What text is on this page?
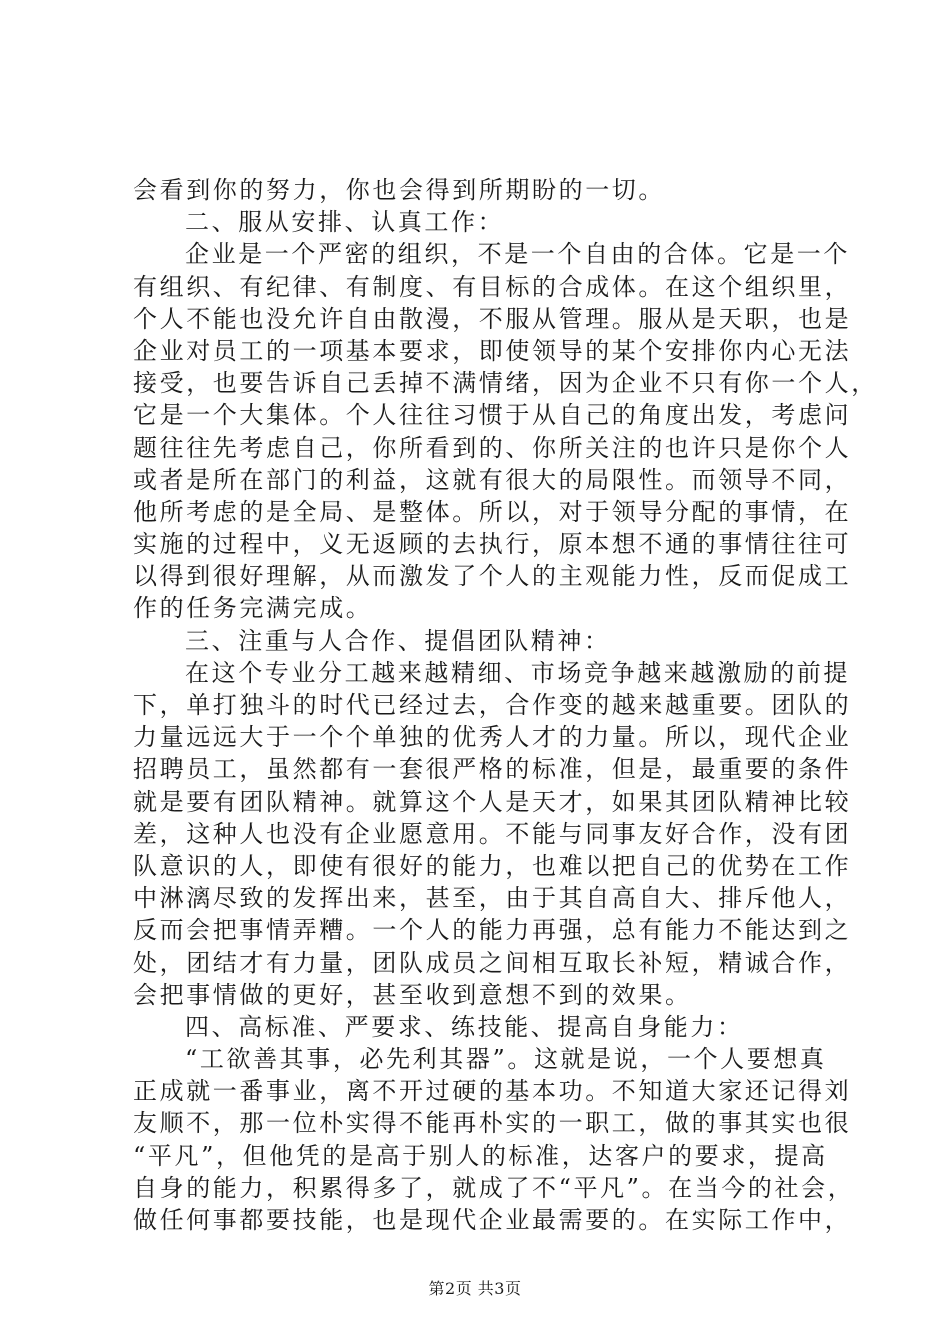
会看到你的努力，你也会得到所期盼的一切。
二、服从安排、认真工作：
企业是一个严密的组织，不是一个自由的合体。它是一个
有组织、有纪律、有制度、有目标的合成体。在这个组织里，
个人不能也没允许自由散漫，不服从管理。服从是天职，也是
企业对员工的一项基本要求，即使领导的某个安排你内心无法
接受，也要告诉自己丢掉不满情绪，因为企业不只有你一个人，
它是一个大集体。个人往往习惯于从自己的角度出发，考虑问
题往往先考虑自己，你所看到的、你所关注的也许只是你个人
或者是所在部门的利益，这就有很大的局限性。而领导不同，
他所考虑的是全局、是整体。所以，对于领导分配的事情，在
实施的过程中，义无返顾的去执行，原本想不通的事情往往可
以得到很好理解，从而激发了个人的主观能力性，反而促成工
作的任务完满完成。
三、注重与人合作、提倡团队精神：
在这个专业分工越来越精细、市场竞争越来越激励的前提
下，单打独斗的时代已经过去，合作变的越来越重要。团队的
力量远远大于一个个单独的优秀人才的力量。所以，现代企业
招聘员工，虽然都有一套很严格的标准，但是，最重要的条件
就是要有团队精神。就算这个人是天才，如果其团队精神比较
差，这种人也没有企业愿意用。不能与同事友好合作，没有团
队意识的人，即使有很好的能力，也难以把自己的优势在工作
中淋漓尽致的发挥出来，甚至，由于其自高自大、排斥他人，
反而会把事情弄糟。一个人的能力再强，总有能力不能达到之
处，团结才有力量，团队成员之间相互取长补短，精诚合作，
会把事情做的更好，甚至收到意想不到的效果。
四、高标准、严要求、练技能、提高自身能力：
“工欲善其事，必先利其器”。这就是说，一个人要想真
正成就一番事业，离不开过硬的基本功。不知道大家还记得刘
友顺不，那一位朴实得不能再朴实的一职工，做的事其实也很
“平凡”，但他凭的是高于别人的标准，达客户的要求，提高
自身的能力，积累得多了，就成了不“平凡”。在当今的社会，
做任何事都要技能，也是现代企业最需要的。在实际工作中，
第2页 共3页
